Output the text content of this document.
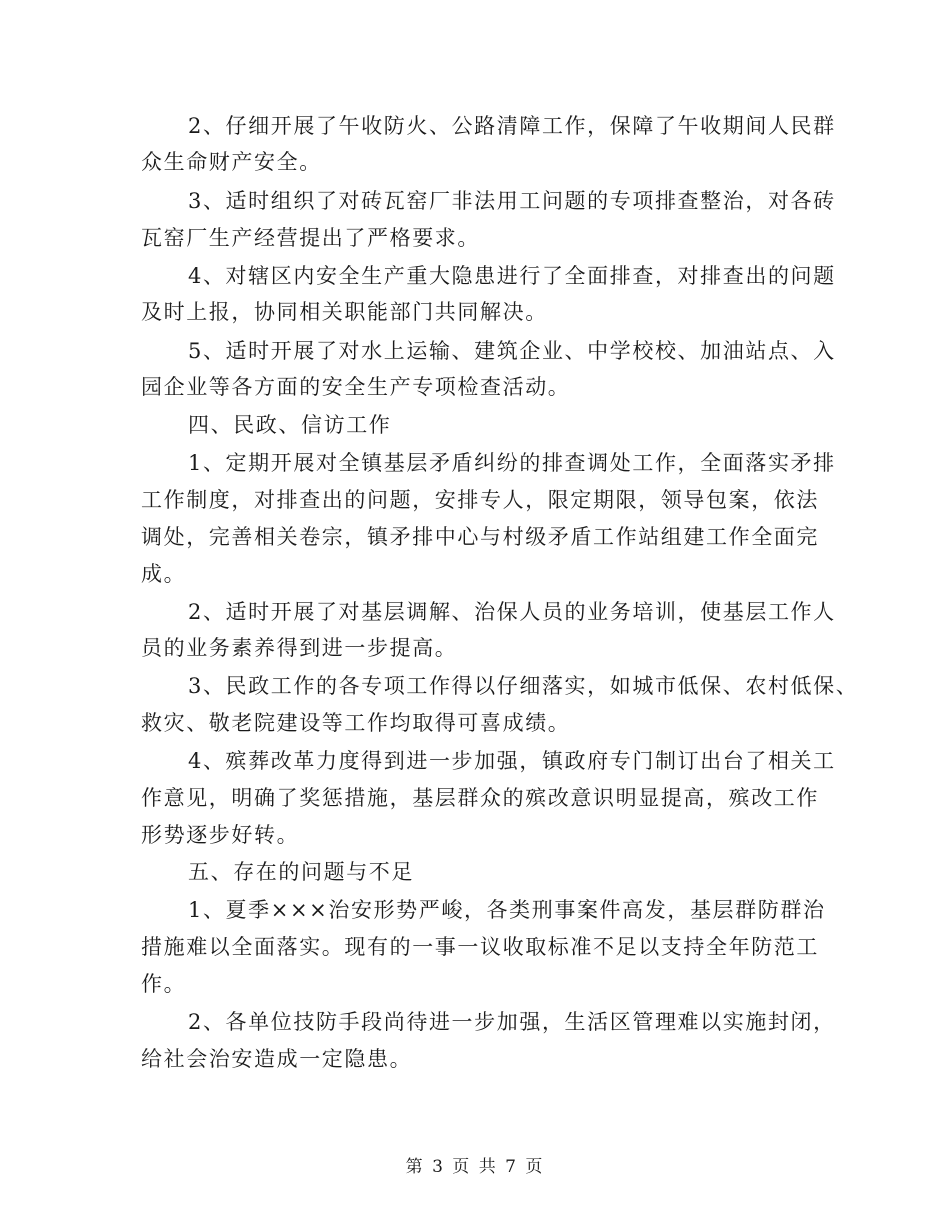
2、仔细开展了午收防火、公路清障工作，保障了午收期间人民群
众生命财产安全。
3、适时组织了对砖瓦窑厂非法用工问题的专项排查整治，对各砖
瓦窑厂生产经营提出了严格要求。
4、对辖区内安全生产重大隐患进行了全面排查，对排查出的问题
及时上报，协同相关职能部门共同解决。
5、适时开展了对水上运输、建筑企业、中学校校、加油站点、入
园企业等各方面的安全生产专项检查活动。
四、民政、信访工作
1、定期开展对全镇基层矛盾纠纷的排查调处工作，全面落实矛排
工作制度，对排查出的问题，安排专人，限定期限，领导包案，依法
调处，完善相关卷宗，镇矛排中心与村级矛盾工作站组建工作全面完
成。
2、适时开展了对基层调解、治保人员的业务培训，使基层工作人
员的业务素养得到进一步提高。
3、民政工作的各专项工作得以仔细落实，如城市低保、农村低保、
救灾、敬老院建设等工作均取得可喜成绩。
4、殡葬改革力度得到进一步加强，镇政府专门制订出台了相关工
作意见，明确了奖惩措施，基层群众的殡改意识明显提高，殡改工作
形势逐步好转。
五、存在的问题与不足
1、夏季×××治安形势严峻，各类刑事案件高发，基层群防群治
措施难以全面落实。现有的一事一议收取标准不足以支持全年防范工
作。
2、各单位技防手段尚待进一步加强，生活区管理难以实施封闭，
给社会治安造成一定隐患。
第 3 页 共 7 页
